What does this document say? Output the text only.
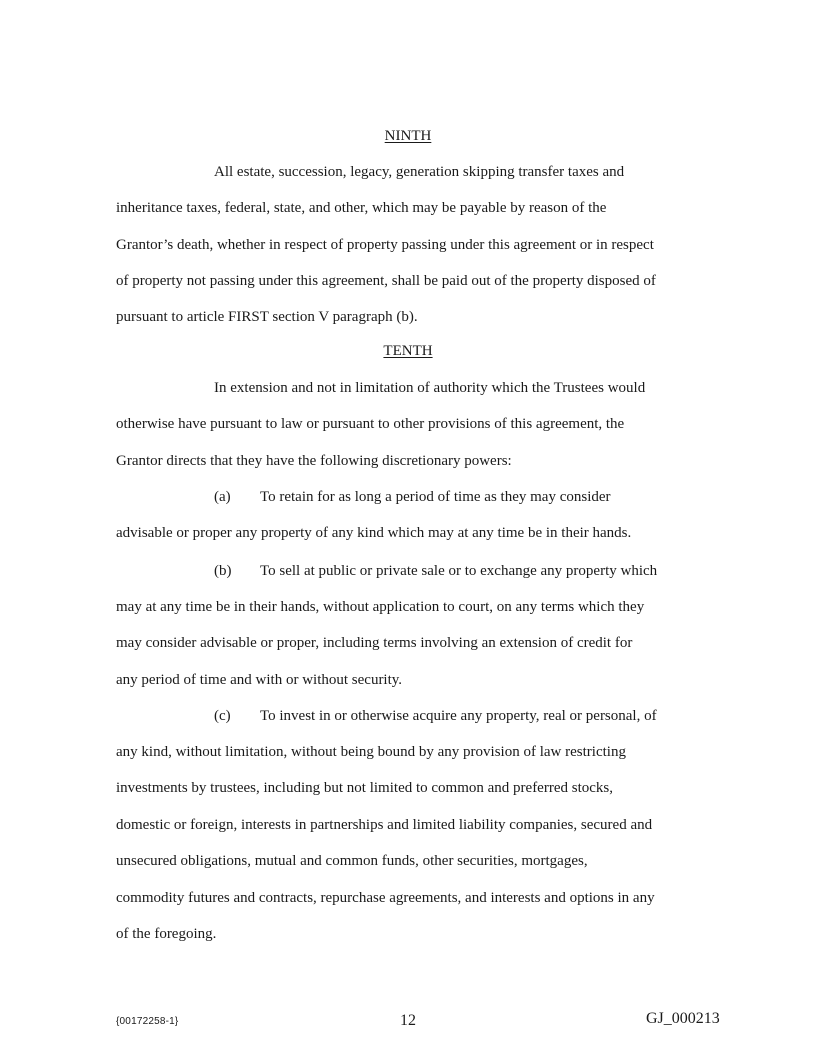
NINTH
All estate, succession, legacy, generation skipping transfer taxes and
inheritance taxes, federal, state, and other, which may be payable by reason of the
Grantor’s death, whether in respect of property passing under this agreement or in respect
of property not passing under this agreement, shall be paid out of the property disposed of
pursuant to article FIRST section V paragraph (b).
TENTH
In extension and not in limitation of authority which the Trustees would
otherwise have pursuant to law or pursuant to other provisions of this agreement, the
Grantor directs that they have the following discretionary powers:
(a) To retain for as long a period of time as they may consider
advisable or proper any property of any kind which may at any time be in their hands.
(b) To sell at public or private sale or to exchange any property which
may at any time be in their hands, without application to court, on any terms which they
may consider advisable or proper, including terms involving an extension of credit for
any period of time and with or without security.
(c) To invest in or otherwise acquire any property, real or personal, of
any kind, without limitation, without being bound by any provision of law restricting
investments by trustees, including but not limited to common and preferred stocks,
domestic or foreign, interests in partnerships and limited liability companies, secured and
unsecured obligations, mutual and common funds, other securities, mortgages,
commodity futures and contracts, repurchase agreements, and interests and options in any
of the foregoing.
{00172258-1}	12	GJ_000213
